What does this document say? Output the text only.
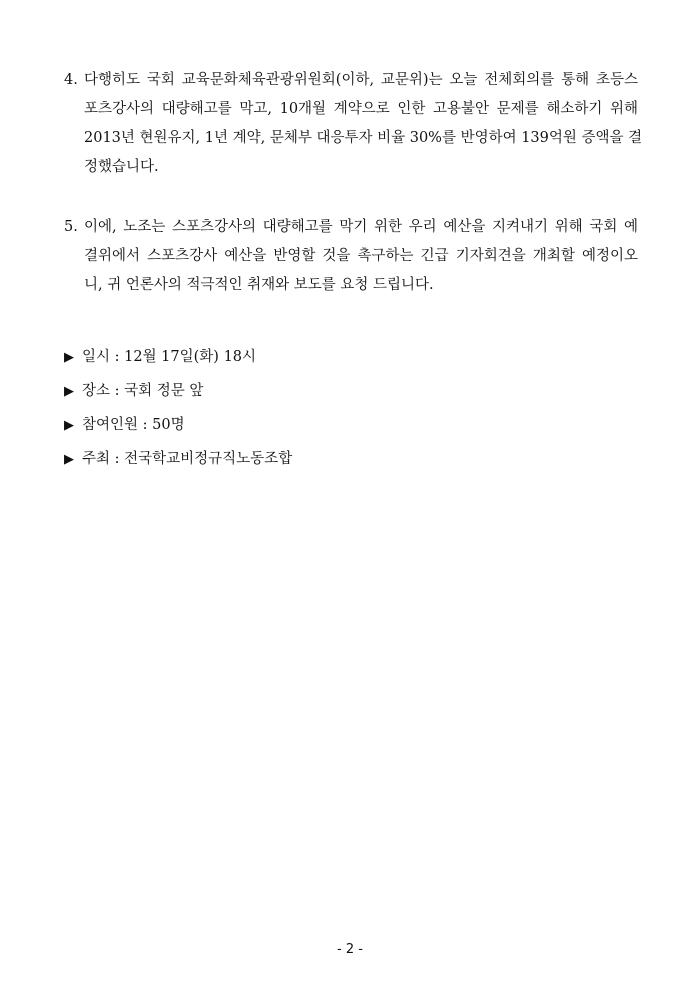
4. 다행히도 국회 교육문화체육관광위원회(이하, 교문위)는 오늘 전체회의를 통해 초등스
포츠강사의 대량해고를 막고, 10개월 계약으로 인한 고용불안 문제를 해소하기 위해
2013년 현원유지, 1년 계약, 문체부 대응투자 비율 30%를 반영하여 139억원 증액을 결
정했습니다.
5. 이에, 노조는 스포츠강사의 대량해고를 막기 위한 우리 예산을 지켜내기 위해 국회 예
결위에서 스포츠강사 예산을 반영할 것을 촉구하는 긴급 기자회견을 개최할 예정이오
니, 귀 언론사의 적극적인 취재와 보도를 요청 드립니다.
▶ 일시 : 12월 17일(화) 18시
▶ 장소 : 국회 정문 앞
▶ 참여인원 : 50명
▶ 주최 : 전국학교비정규직노동조합
- 2 -
